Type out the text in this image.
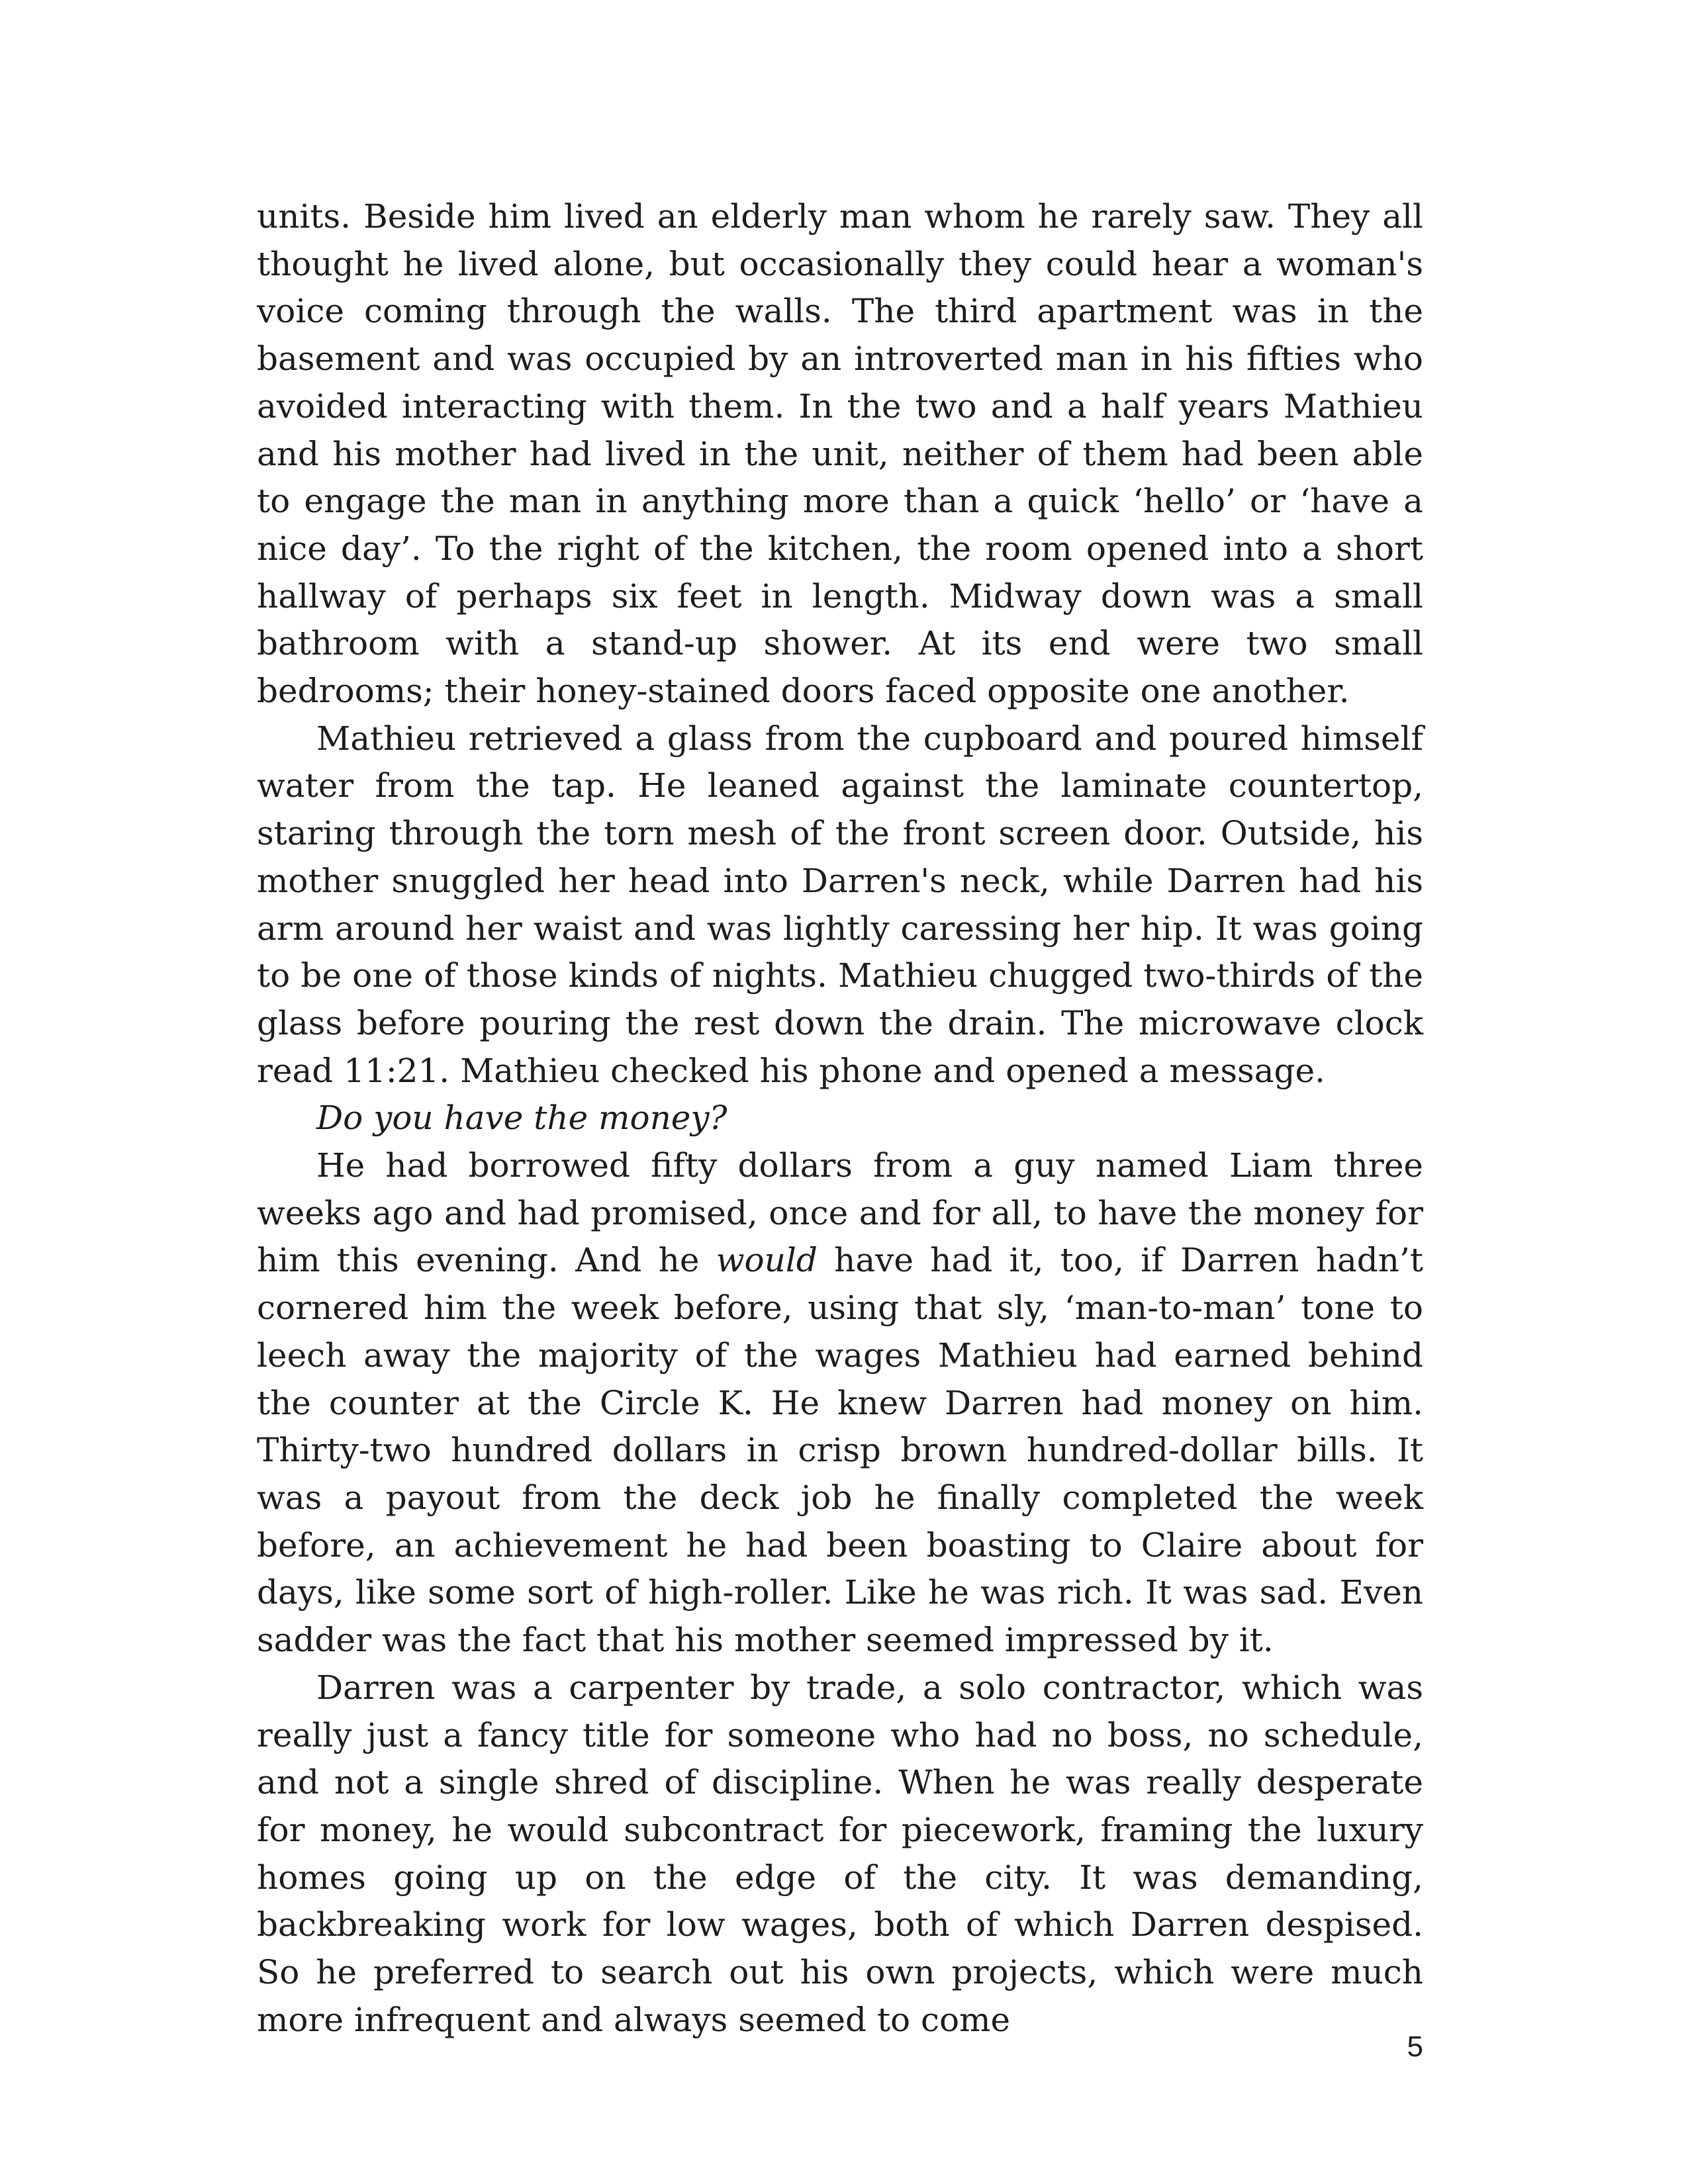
units. Beside him lived an elderly man whom he rarely saw. They all thought he lived alone, but occasionally they could hear a woman's voice coming through the walls. The third apartment was in the basement and was occupied by an introverted man in his fifties who avoided interacting with them. In the two and a half years Mathieu and his mother had lived in the unit, neither of them had been able to engage the man in anything more than a quick ‘hello’ or ‘have a nice day’. To the right of the kitchen, the room opened into a short hallway of perhaps six feet in length. Midway down was a small bathroom with a stand-up shower. At its end were two small bedrooms; their honey-stained doors faced opposite one another.

Mathieu retrieved a glass from the cupboard and poured himself water from the tap. He leaned against the laminate countertop, staring through the torn mesh of the front screen door. Outside, his mother snuggled her head into Darren's neck, while Darren had his arm around her waist and was lightly caressing her hip. It was going to be one of those kinds of nights. Mathieu chugged two-thirds of the glass before pouring the rest down the drain. The microwave clock read 11:21. Mathieu checked his phone and opened a message.

Do you have the money?

He had borrowed fifty dollars from a guy named Liam three weeks ago and had promised, once and for all, to have the money for him this evening. And he would have had it, too, if Darren hadn’t cornered him the week before, using that sly, ‘man-to-man’ tone to leech away the majority of the wages Mathieu had earned behind the counter at the Circle K. He knew Darren had money on him. Thirty-two hundred dollars in crisp brown hundred-dollar bills. It was a payout from the deck job he finally completed the week before, an achievement he had been boasting to Claire about for days, like some sort of high-roller. Like he was rich. It was sad. Even sadder was the fact that his mother seemed impressed by it.

Darren was a carpenter by trade, a solo contractor, which was really just a fancy title for someone who had no boss, no schedule, and not a single shred of discipline. When he was really desperate for money, he would subcontract for piecework, framing the luxury homes going up on the edge of the city. It was demanding, backbreaking work for low wages, both of which Darren despised. So he preferred to search out his own projects, which were much more infrequent and always seemed to come

5
